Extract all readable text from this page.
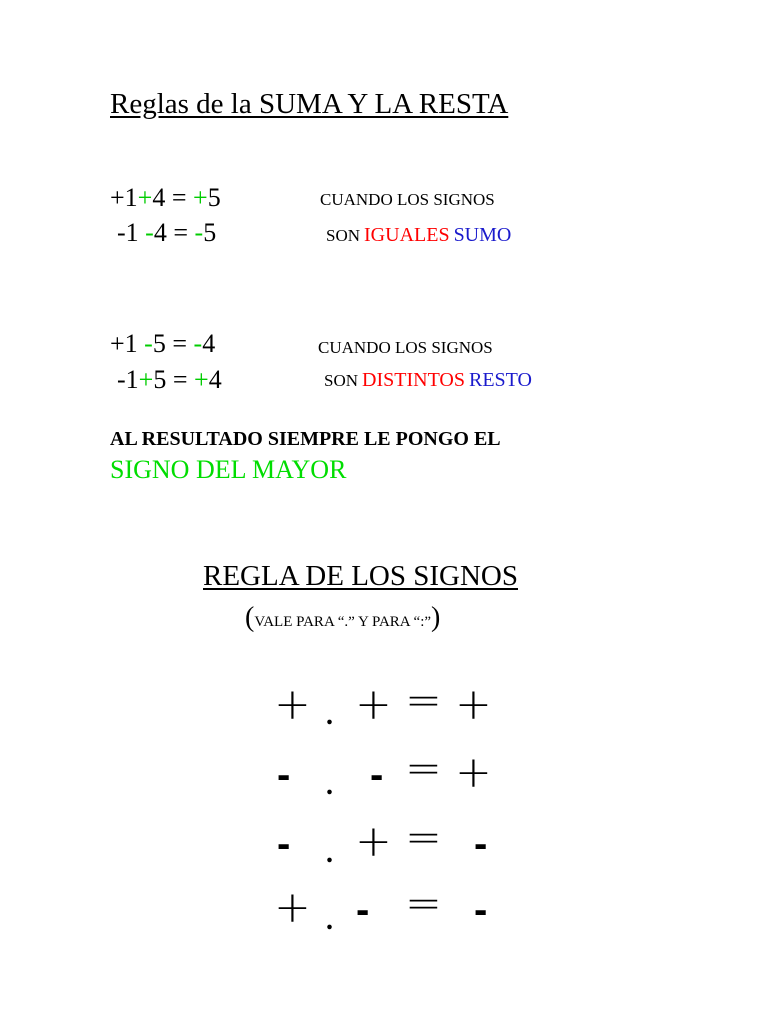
Reglas de la SUMA Y LA RESTA
+1+4 = +5	CUANDO LOS SIGNOS
-1 -4 = -5	SON IGUALES SUMO
+1 -5 = -4	CUANDO LOS SIGNOS
-1+5 = +4	SON DISTINTOS RESTO
AL RESULTADO SIEMPRE LE PONGO EL
SIGNO DEL MAYOR
REGLA DE LOS SIGNOS
(VALE PARA “.” Y PARA “:”)
+ . + = +
- . - = +
- . + = -
+ . - = -
